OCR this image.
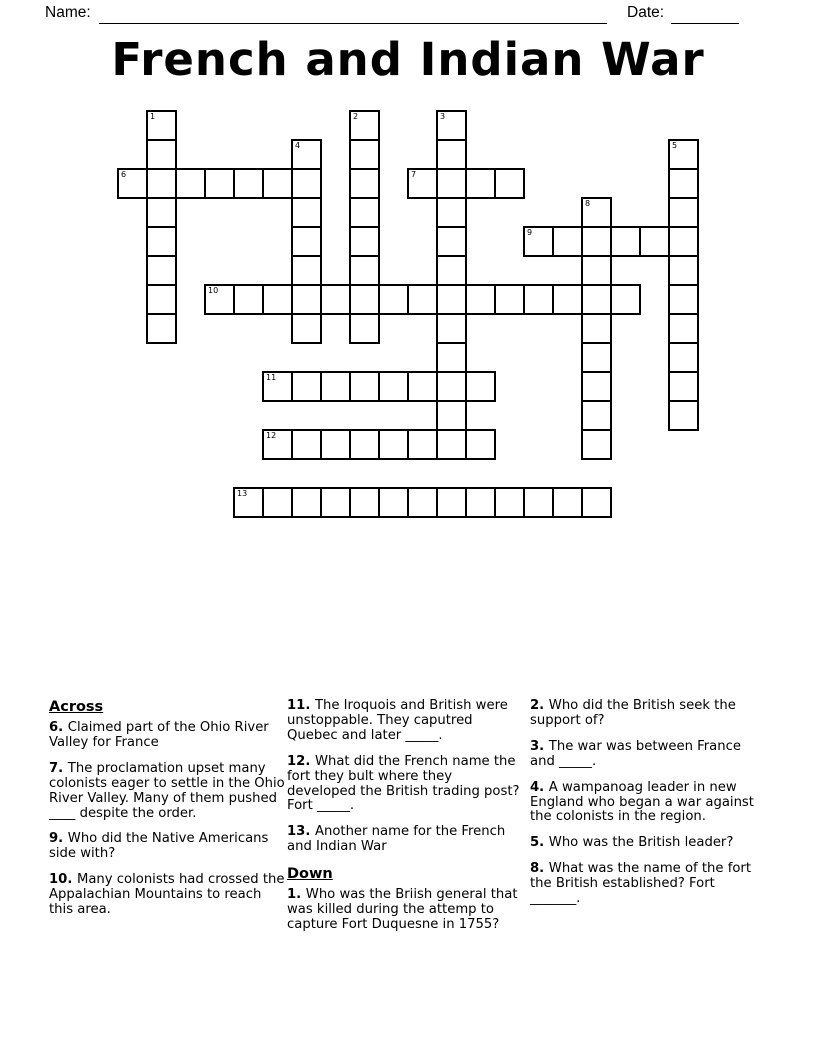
Name:	Date:
French and Indian War
1	2	3
4	5
6	7
8
9
10
11
12
13

Across

6. Claimed part of the Ohio River Valley for France

7. The proclamation upset many colonists eager to settle in the Ohio River Valley. Many of them pushed ____ despite the order.

9. Who did the Native Americans side with?

10. Many colonists had crossed the Appalachian Mountains to reach this area.

11. The Iroquois and British were unstoppable. They caputred Quebec and later _____.

12. What did the French name the fort they bult where they developed the British trading post? Fort _____.

13. Another name for the French and Indian War

Down

1. Who was the Briish general that was killed during the attemp to capture Fort Duquesne in 1755?

2. Who did the British seek the support of?

3. The war was between France and _____.

4. A wampanoag leader in new England who began a war against the colonists in the region.

5. Who was the British leader?

8. What was the name of the fort the British established? Fort _______.
